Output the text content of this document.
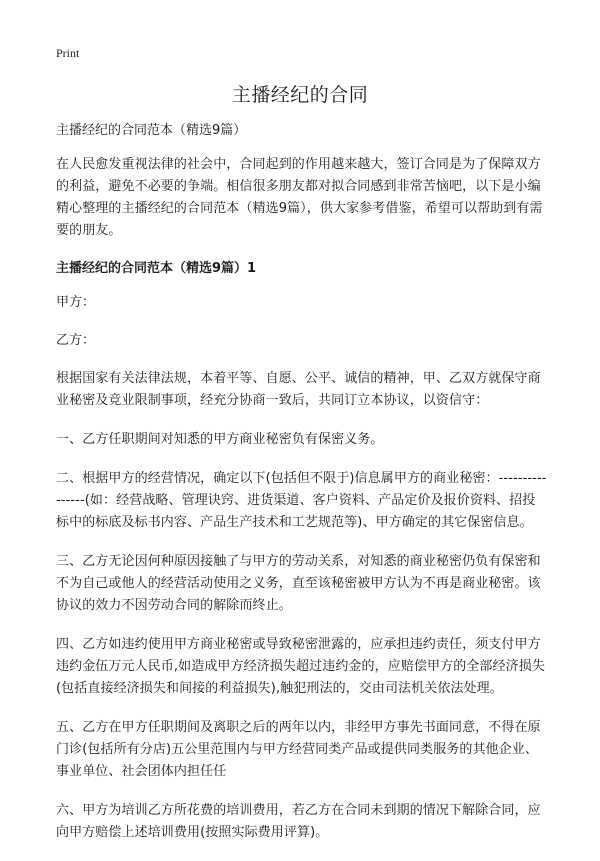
Print
主播经纪的合同

主播经纪的合同范本（精选9篇）

在人民愈发重视法律的社会中，合同起到的作用越来越大，签订合同是为了保障双方的利益，避免不必要的争端。相信很多朋友都对拟合同感到非常苦恼吧，以下是小编精心整理的主播经纪的合同范本（精选9篇），供大家参考借鉴，希望可以帮助到有需要的朋友。

主播经纪的合同范本（精选9篇）1

甲方：

乙方：

根据国家有关法律法规，本着平等、自愿、公平、诚信的精神，甲、乙双方就保守商业秘密及竞业限制事项，经充分协商一致后，共同订立本协议，以资信守：

一、乙方任职期间对知悉的甲方商业秘密负有保密义务。

二、根据甲方的经营情况，确定以下(包括但不限于)信息属甲方的商业秘密：----------------(如：经营战略、管理诀窍、进货渠道、客户资料、产品定价及报价资料、招投标中的标底及标书内容、产品生产技术和工艺规范等)、甲方确定的其它保密信息。

三、乙方无论因何种原因接触了与甲方的劳动关系，对知悉的商业秘密仍负有保密和不为自己或他人的经营活动使用之义务，直至该秘密被甲方认为不再是商业秘密。该协议的效力不因劳动合同的解除而终止。

四、乙方如违约使用甲方商业秘密或导致秘密泄露的，应承担违约责任，须支付甲方违约金伍万元人民币,如造成甲方经济损失超过违约金的，应赔偿甲方的全部经济损失(包括直接经济损失和间接的利益损失),触犯刑法的，交由司法机关依法处理。

五、乙方在甲方任职期间及离职之后的两年以内，非经甲方事先书面同意，不得在原门诊(包括所有分店)五公里范围内与甲方经营同类产品或提供同类服务的其他企业、事业单位、社会团体内担任任

六、甲方为培训乙方所花费的培训费用，若乙方在合同未到期的情况下解除合同，应向甲方赔偿上述培训费用(按照实际费用评算)。
